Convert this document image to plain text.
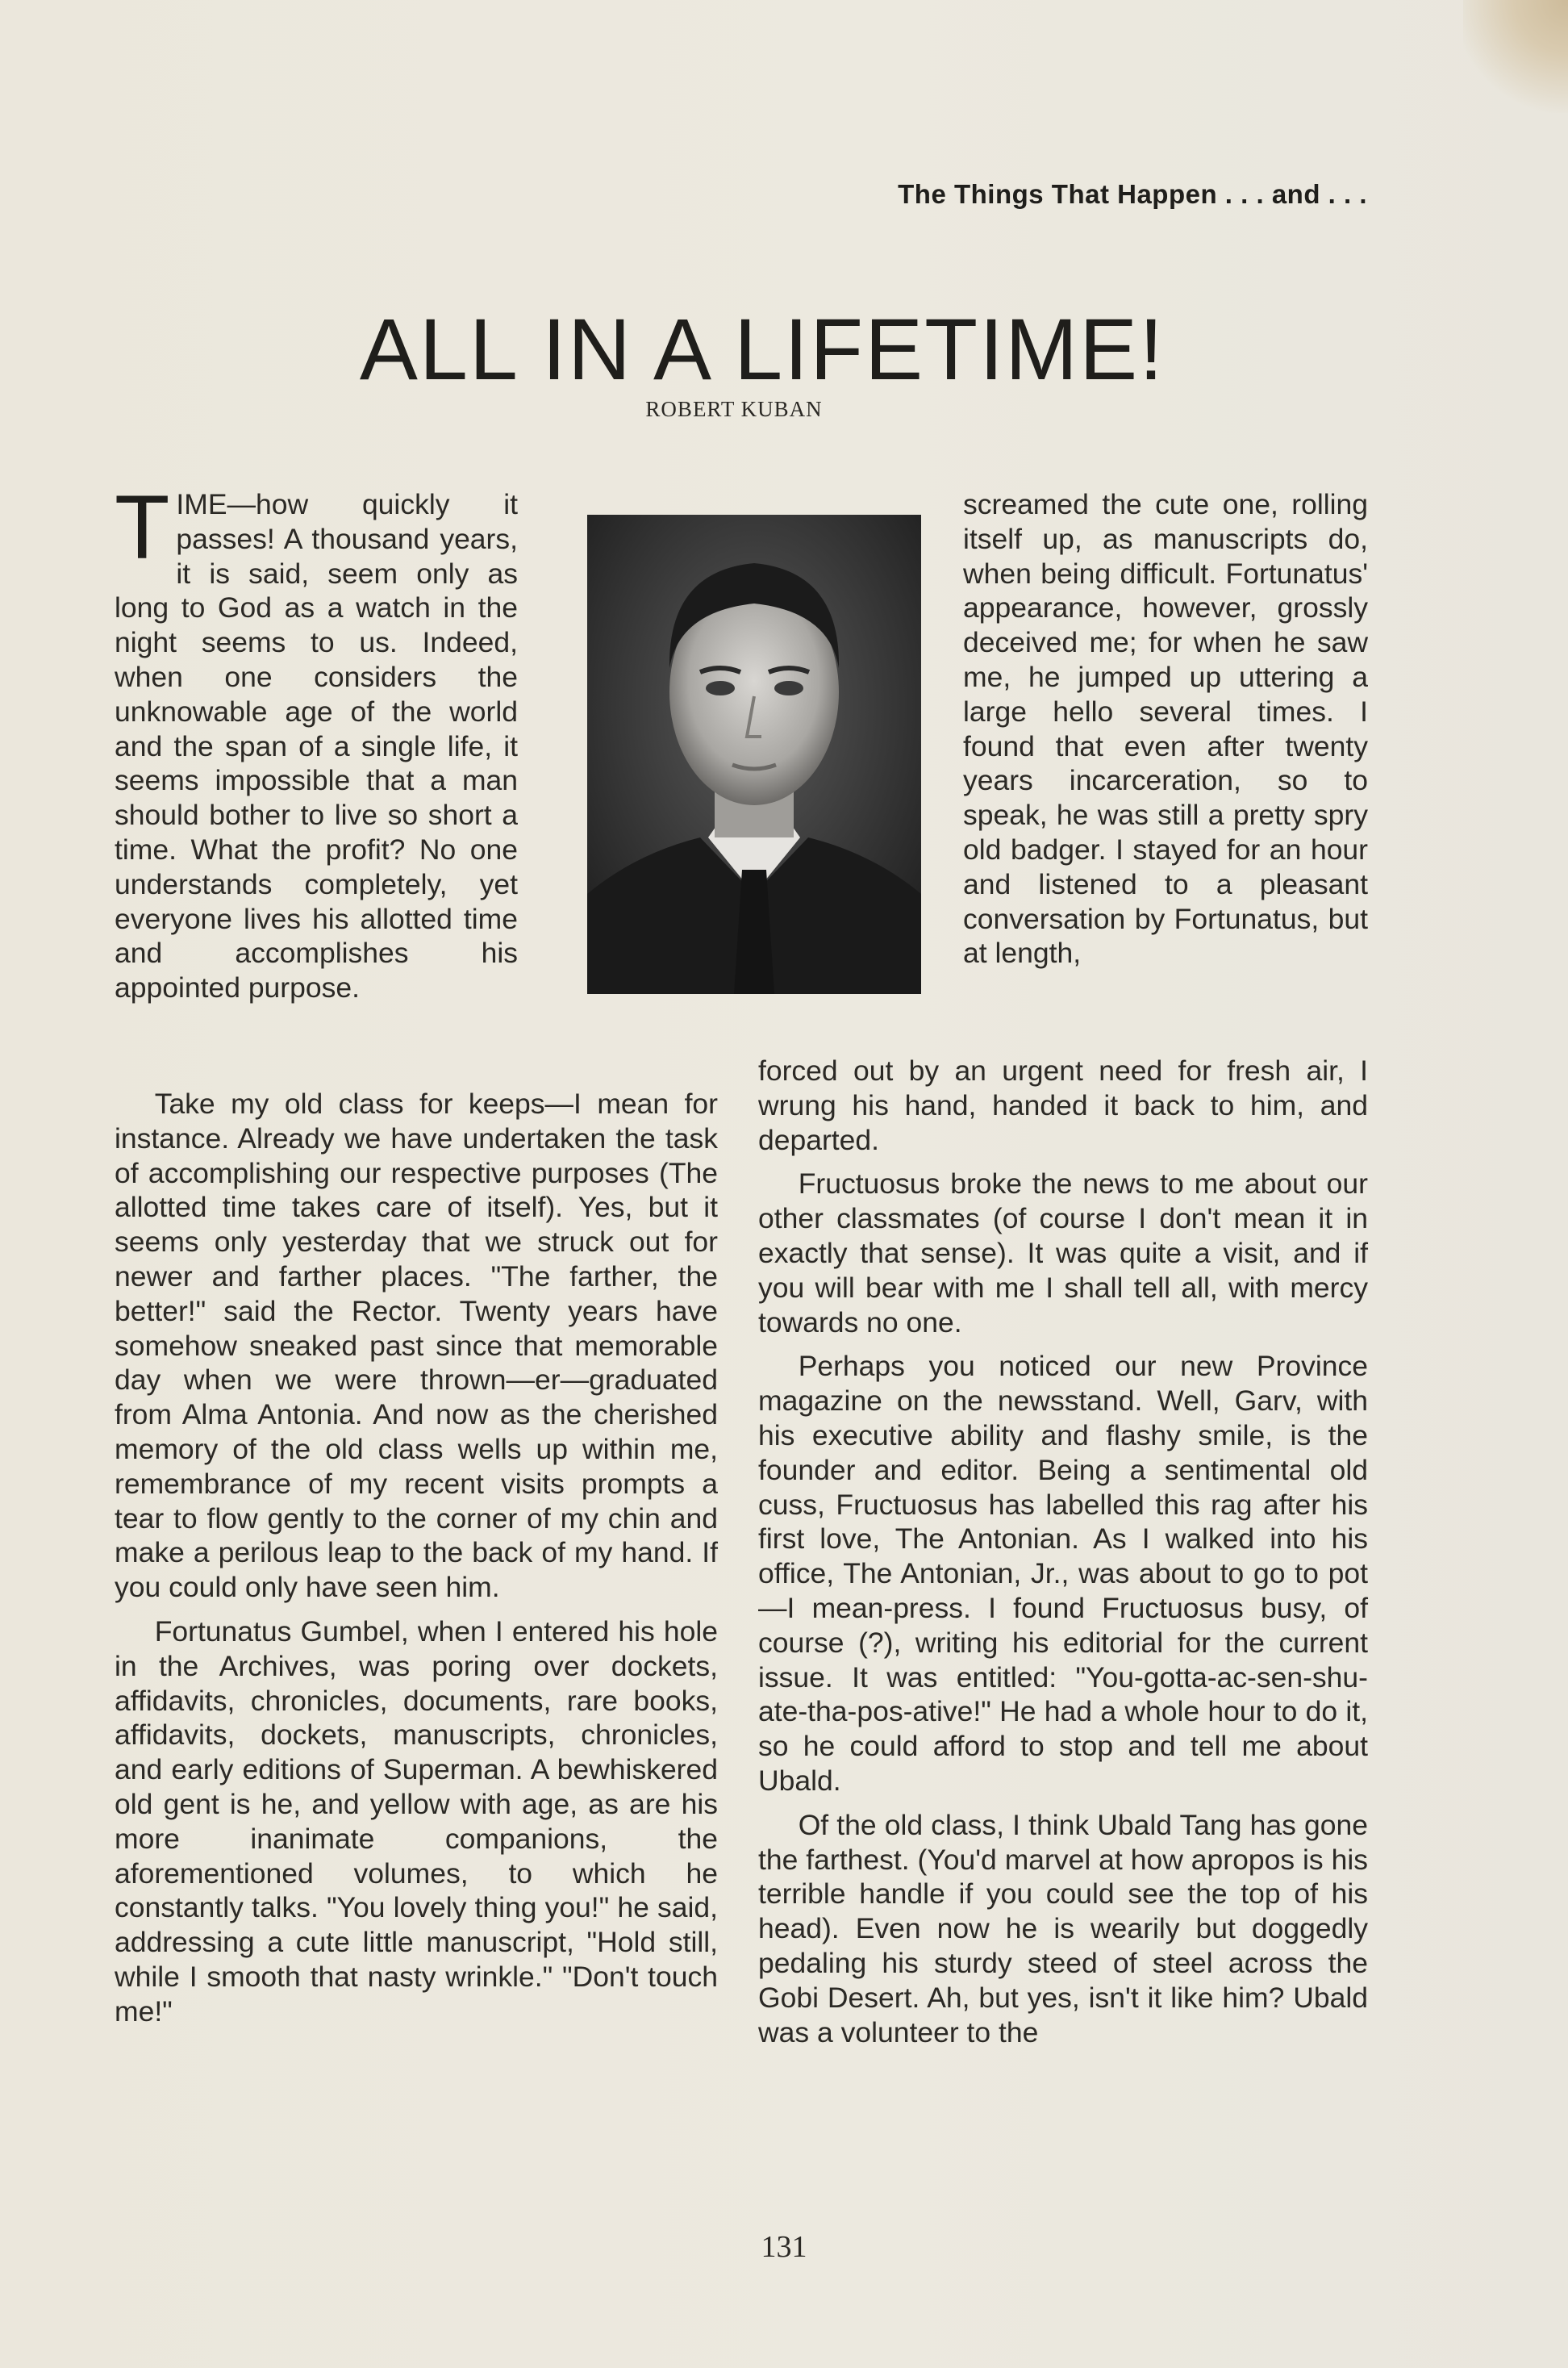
The Things That Happen . . . and . . .
ALL IN A LIFETIME!
ROBERT KUBAN

TIME—how quickly it passes! A thousand years, it is said, seem only as long to God as a watch in the night seems to us. Indeed, when one considers the unknowable age of the world and the span of a single life, it seems impossible that a man should bother to live so short a time. What the profit? No one understands completely, yet everyone lives his allotted time and accomplishes his appointed purpose.

Take my old class for keeps—I mean for instance. Already we have undertaken the task of accomplishing our respective purposes (The allotted time takes care of itself). Yes, but it seems only yesterday that we struck out for newer and farther places. "The farther, the better!" said the Rector. Twenty years have somehow sneaked past since that memorable day when we were thrown—er—graduated from Alma Antonia. And now as the cherished memory of the old class wells up within me, remembrance of my recent visits prompts a tear to flow gently to the corner of my chin and make a perilous leap to the back of my hand. If you could only have seen him.

Fortunatus Gumbel, when I entered his hole in the Archives, was poring over dockets, affidavits, chronicles, documents, rare books, affidavits, dockets, manuscripts, chronicles, and early editions of Superman. A bewhiskered old gent is he, and yellow with age, as are his more inanimate companions, the aforementioned volumes, to which he constantly talks. "You lovely thing you!" he said, addressing a cute little manuscript, "Hold still, while I smooth that nasty wrinkle." "Don't touch me!"

screamed the cute one, rolling itself up, as manuscripts do, when being difficult. Fortunatus' appearance, however, grossly deceived me; for when he saw me, he jumped up uttering a large hello several times. I found that even after twenty years incarceration, so to speak, he was still a pretty spry old badger. I stayed for an hour and listened to a pleasant conversation by Fortunatus, but at length,

forced out by an urgent need for fresh air, I wrung his hand, handed it back to him, and departed.

Fructuosus broke the news to me about our other classmates (of course I don't mean it in exactly that sense). It was quite a visit, and if you will bear with me I shall tell all, with mercy towards no one.

Perhaps you noticed our new Province magazine on the newsstand. Well, Garv, with his executive ability and flashy smile, is the founder and editor. Being a sentimental old cuss, Fructuosus has labelled this rag after his first love, The Antonian. As I walked into his office, The Antonian, Jr., was about to go to pot—I mean-press. I found Fructuosus busy, of course (?), writing his editorial for the current issue. It was entitled: "You-gotta-ac-sen-shu-ate-tha-pos-ative!" He had a whole hour to do it, so he could afford to stop and tell me about Ubald.

Of the old class, I think Ubald Tang has gone the farthest. (You'd marvel at how apropos is his terrible handle if you could see the top of his head). Even now he is wearily but doggedly pedaling his sturdy steed of steel across the Gobi Desert. Ah, but yes, isn't it like him? Ubald was a volunteer to the

131
